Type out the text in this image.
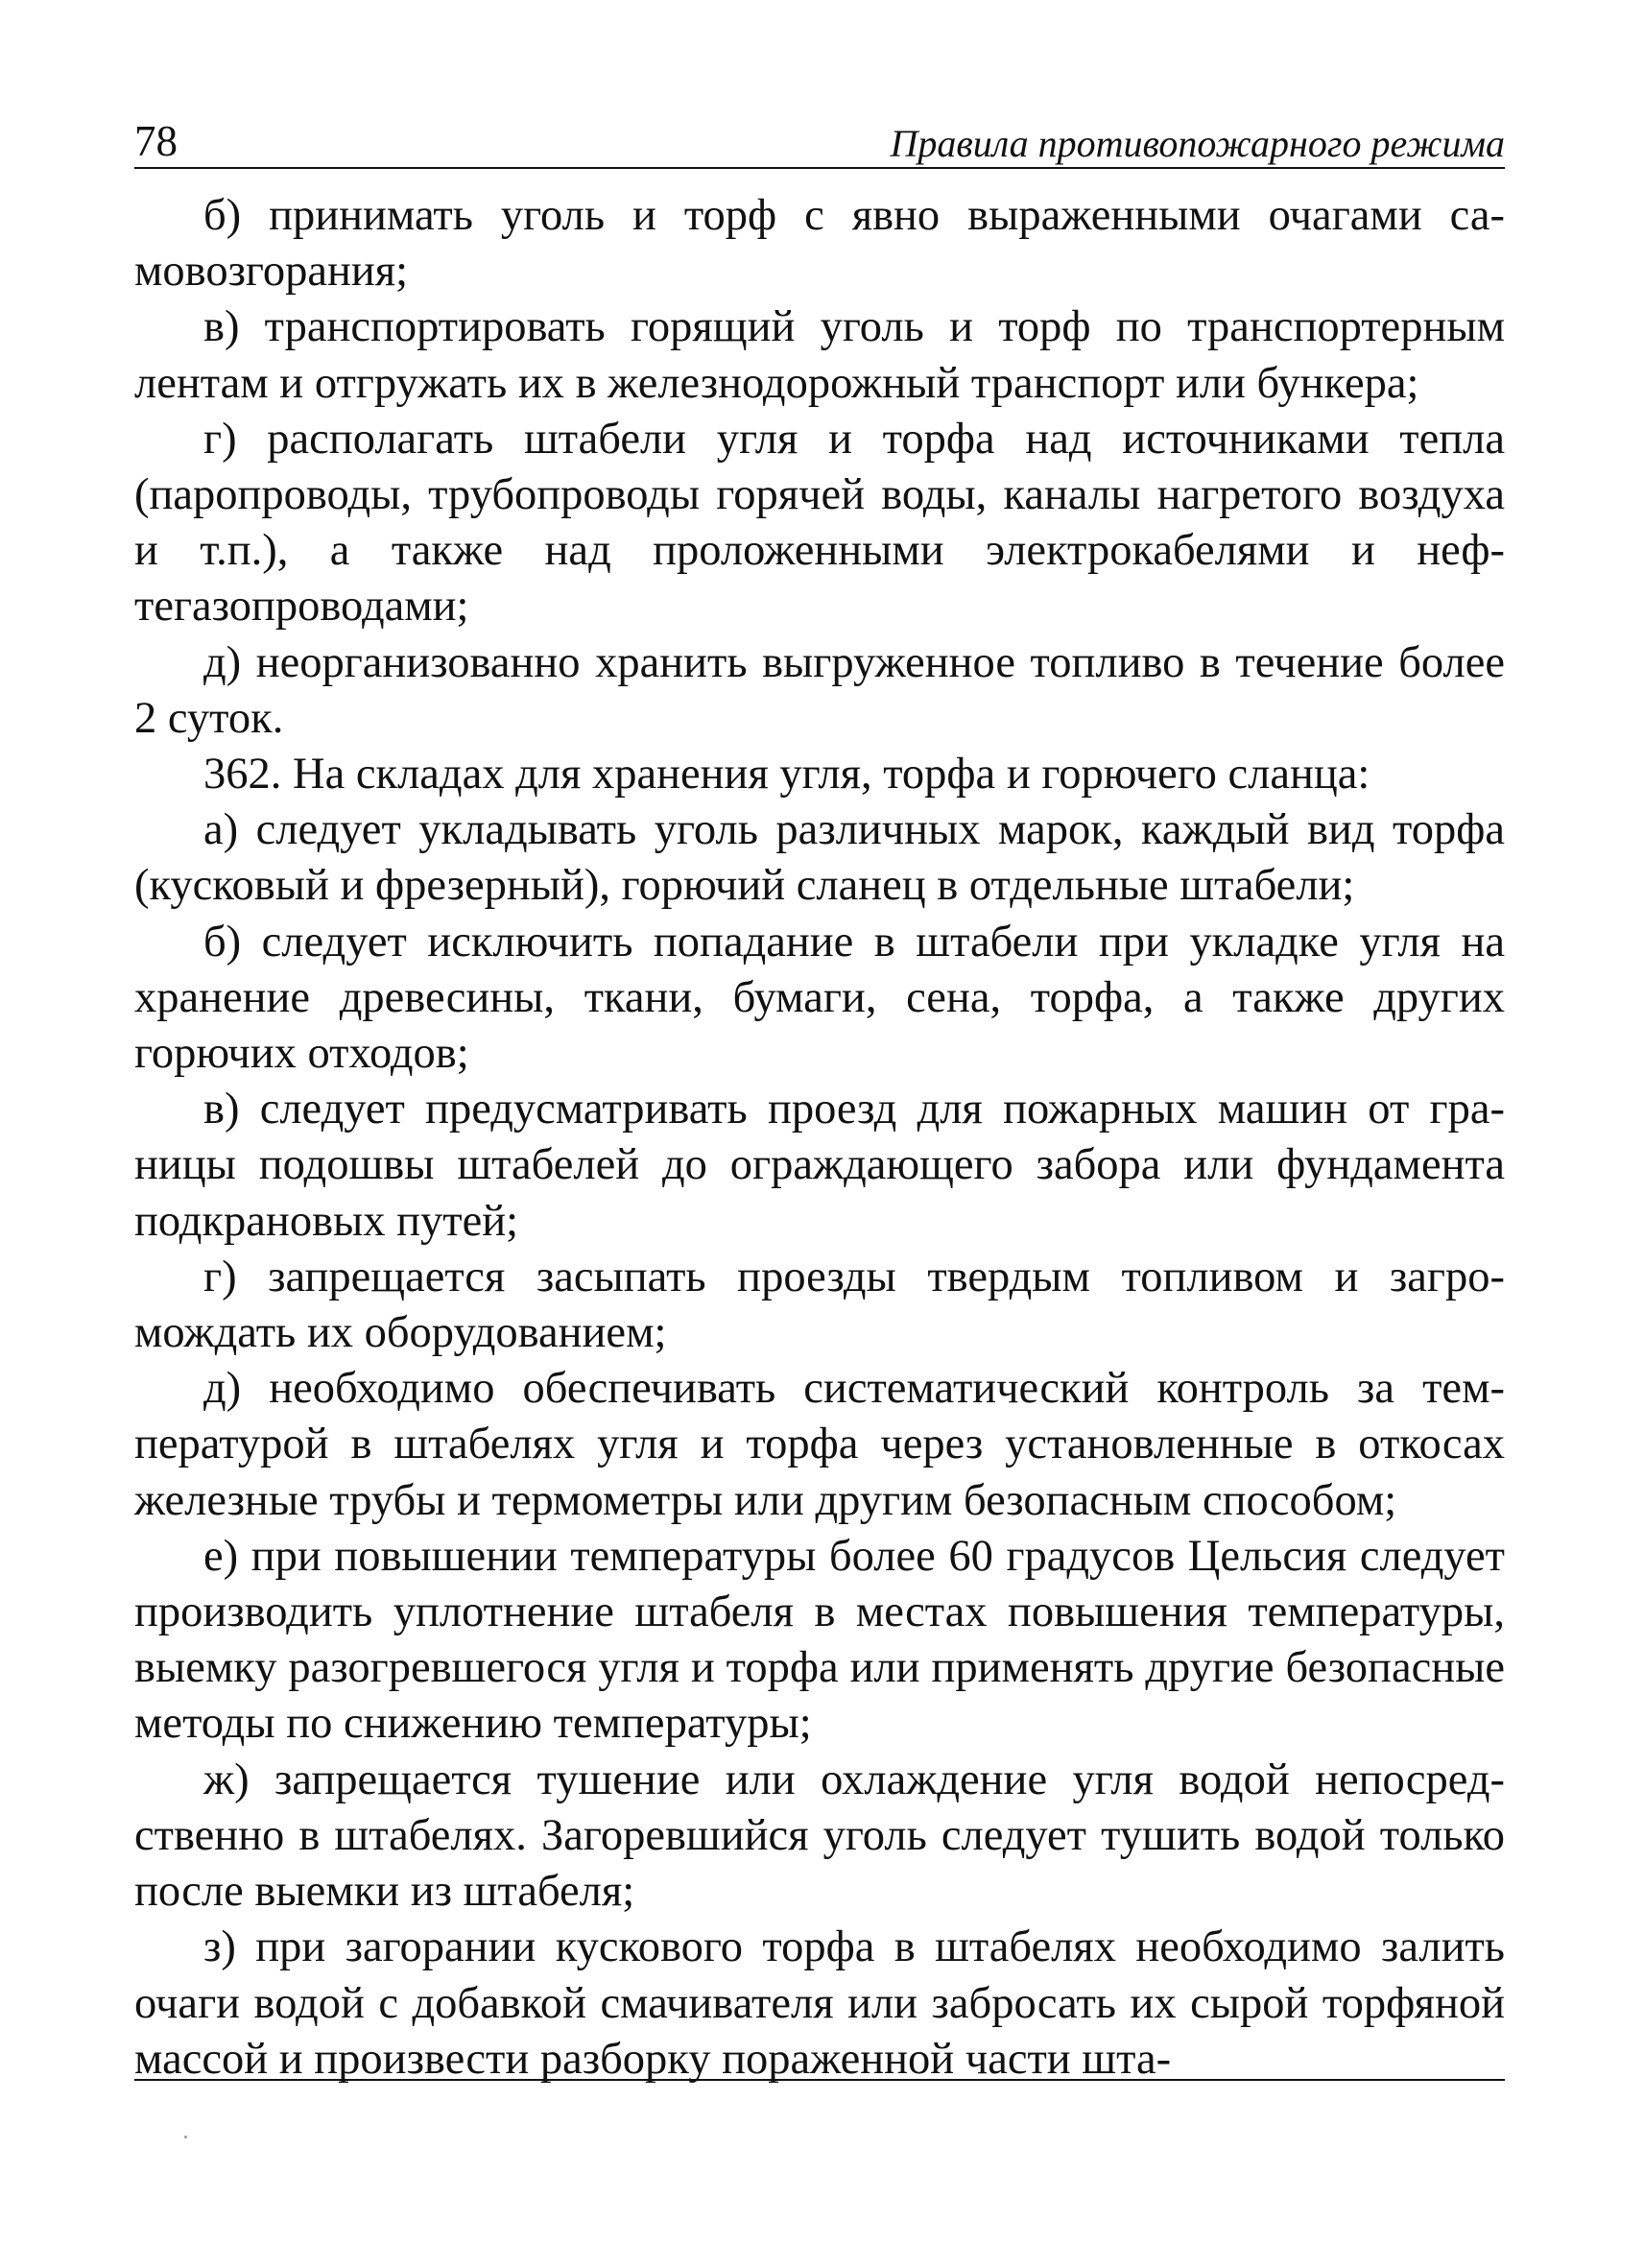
78	Правила противопожарного режима

б) принимать уголь и торф с явно выраженными очагами самовозгорания;

в) транспортировать горящий уголь и торф по транспортерным лентам и отгружать их в железнодорожный транспорт или бункера;

г) располагать штабели угля и торфа над источниками тепла (паропроводы, трубопроводы горячей воды, каналы нагретого воздуха и т.п.), а также над проложенными электрокабелями и нефтегазопроводами;

д) неорганизованно хранить выгруженное топливо в течение более 2 суток.

362. На складах для хранения угля, торфа и горючего сланца:

а) следует укладывать уголь различных марок, каждый вид торфа (кусковый и фрезерный), горючий сланец в отдельные штабели;

б) следует исключить попадание в штабели при укладке угля на хранение древесины, ткани, бумаги, сена, торфа, а также других горючих отходов;

в) следует предусматривать проезд для пожарных машин от границы подошвы штабелей до ограждающего забора или фундамента подкрановых путей;

г) запрещается засыпать проезды твердым топливом и загромождать их оборудованием;

д) необходимо обеспечивать систематический контроль за температурой в штабелях угля и торфа через установленные в откосах железные трубы и термометры или другим безопасным способом;

е) при повышении температуры более 60 градусов Цельсия следует производить уплотнение штабеля в местах повышения температуры, выемку разогревшегося угля и торфа или применять другие безопасные методы по снижению температуры;

ж) запрещается тушение или охлаждение угля водой непосредственно в штабелях. Загоревшийся уголь следует тушить водой только после выемки из штабеля;

з) при загорании кускового торфа в штабелях необходимо залить очаги водой с добавкой смачивателя или забросать их сырой торфяной массой и произвести разборку пораженной части шта-
